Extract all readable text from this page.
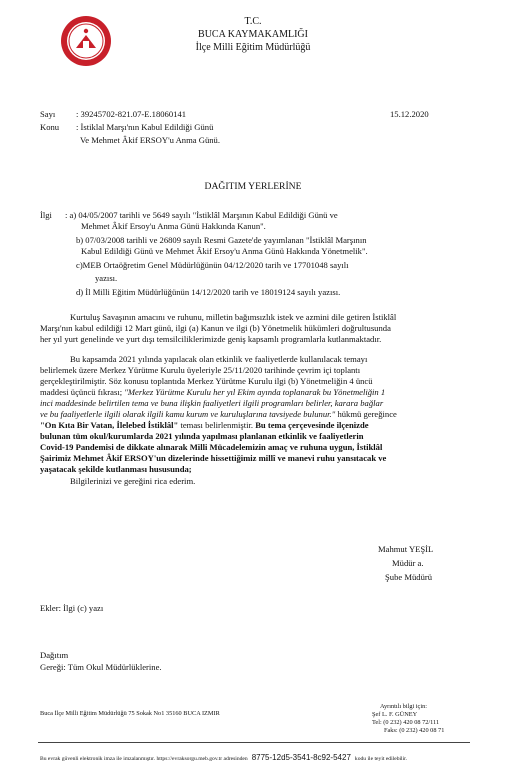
T.C.
BUCA KAYMAKAMLIĞI
İlçe Milli Eğitim Müdürlüğü
Sayı : 39245702-821.07-E.18060141	15.12.2020
Konu : İstiklal Marşı'nın Kabul Edildiği Günü
Ve Mehmet Âkif ERSOY'u Anma Günü.
DAĞITIM YERLERİNE
İlgi : a) 04/05/2007 tarihli ve 5649 sayılı "İstiklâl Marşının Kabul Edildiği Günü ve
Mehmet Âkif Ersoy'u Anma Günü Hakkında Kanun".
b) 07/03/2008 tarihli ve 26809 sayılı Resmi Gazete'de yayımlanan "İstiklâl Marşının
Kabul Edildiği Günü ve Mehmet Âkif Ersoy'u Anma Günü Hakkında Yönetmelik".
c)MEB Ortaöğretim Genel Müdürlüğünün 04/12/2020 tarih ve 17701048 sayılı
yazısı.
d) İl Milli Eğitim Müdürlüğünün 14/12/2020 tarih ve 18019124 sayılı yazısı.
Kurtuluş Savaşının amacını ve ruhunu, milletin bağımsızlık istek ve azmini dile getiren İstiklâl
Marşı'nın kabul edildiği 12 Mart günü, ilgi (a) Kanun ve ilgi (b) Yönetmelik hükümleri doğrultusunda
her yıl yurt genelinde ve yurt dışı temsilciliklerimizde geniş kapsamlı programlarla kutlanmaktadır.
Bu kapsamda 2021 yılında yapılacak olan etkinlik ve faaliyetlerde kullanılacak temayı
belirlemek üzere Merkez Yürütme Kurulu üyeleriyle 25/11/2020 tarihinde çevrim içi toplantı
gerçekleştirilmiştir. Söz konusu toplantıda Merkez Yürütme Kurulu ilgi (b) Yönetmeliğin 4 üncü
maddesi üçüncü fıkrası; "Merkez Yürütme Kurulu her yıl Ekim ayında toplanarak bu Yönetmeliğin 1
inci maddesinde belirtilen tema ve buna ilişkin faaliyetleri ilgili programları belirler, karara bağlar
ve bu faaliyetlerle ilgili olarak ilgili kamu kurum ve kuruluşlarına tavsiyede bulunur." hükmü gereğince
"On Kıta Bir Vatan, İlelebed İstiklâl" teması belirlenmiştir. Bu tema çerçevesinde ilçenizde
bulunan tüm okul/kurumlarda 2021 yılında yapılması planlanan etkinlik ve faaliyetlerin
Covid-19 Pandemisi de dikkate alınarak Milli Mücadelemizin amaç ve ruhuna uygun, İstiklâl
Şairimiz Mehmet Âkif ERSOY'un dizelerinde hissettiğimiz millî ve manevi ruhu yansıtacak ve
yaşatacak şekilde kutlanması hususunda;
Bilgilerinizi ve gereğini rica ederim.
Mahmut YEŞİL
Müdür a.
Şube Müdürü
Ekler: İlgi (c) yazı
Dağıtım
Gereği: Tüm Okul Müdürlüklerine.
Buca İlçe Milli Eğitim Müdürlüğü 75 Sokak No1 35160 BUCA IZMIR
Ayrıntılı bilgi için:
Şef L. F. GÜNEY
Tel: (0 232) 420 08 72/111
Faks: (0 232) 420 08 71
Bu evrak güvenli elektronik imza ile imzalanmıştır. https://evraksorgu.meb.gov.tr adresinden 8775-12d5-3541-8c92-5427 kodu ile teyit edilebilir.
